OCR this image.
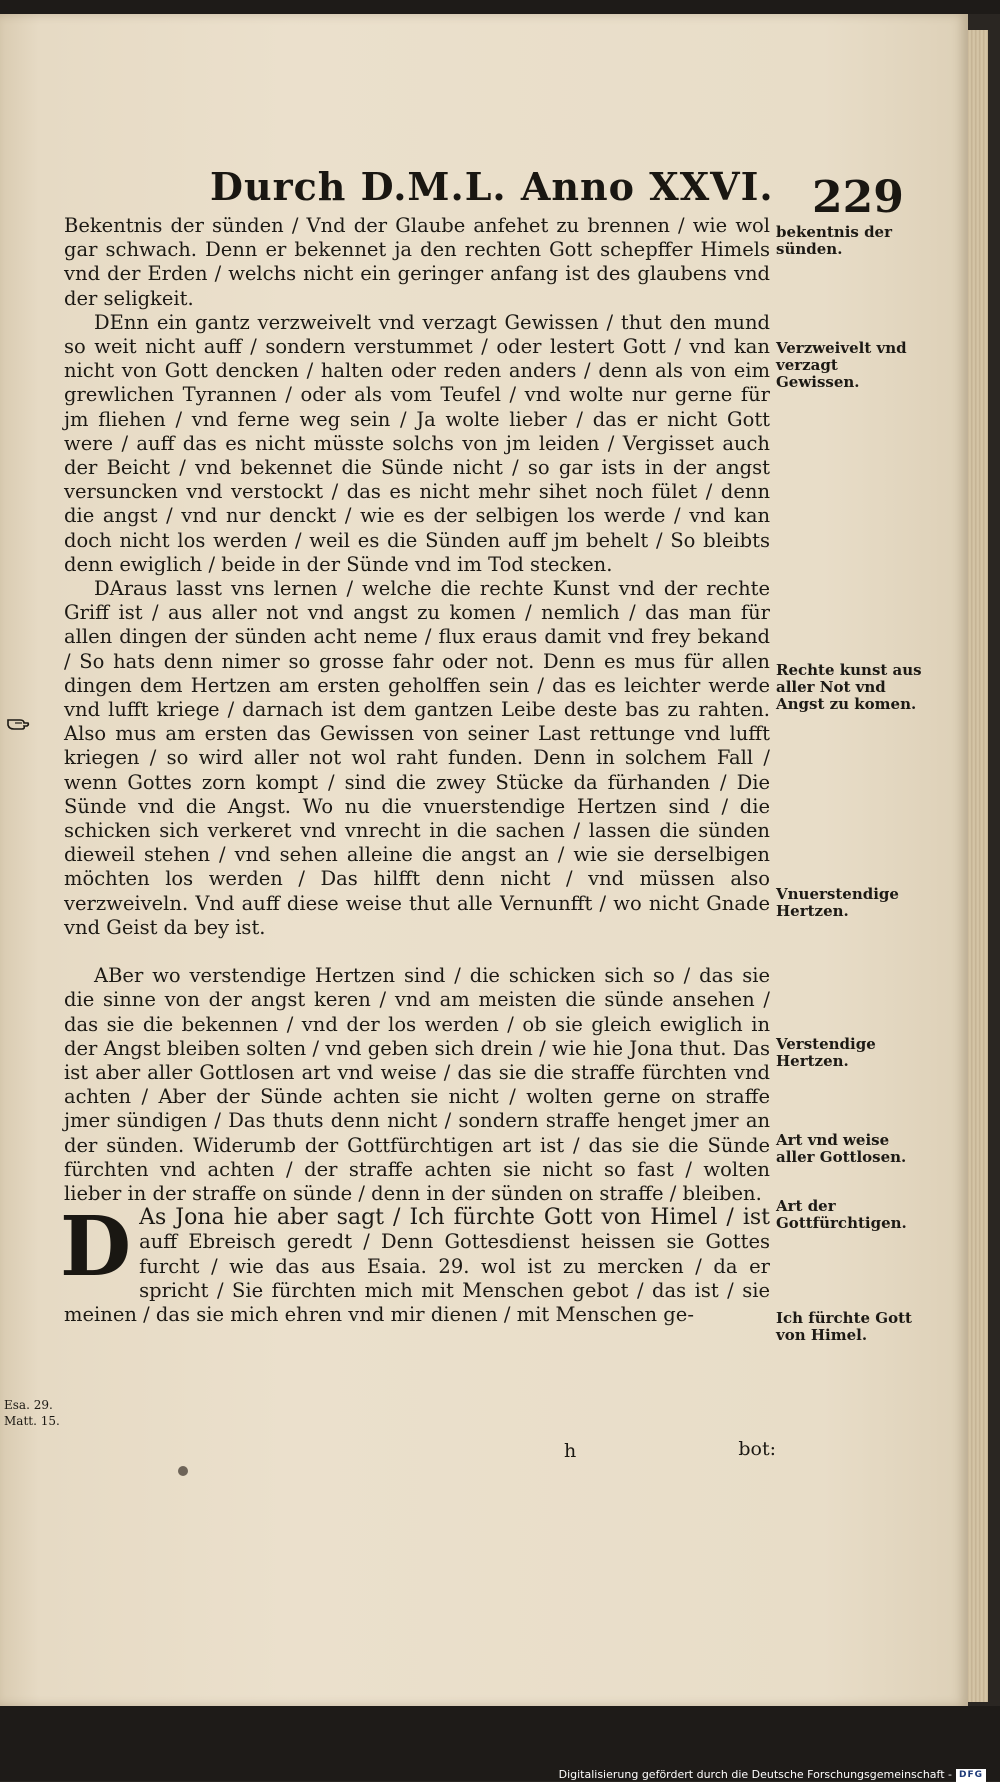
Durch D.M.L. Anno XXVI. 229

Bekentnis der sünden / Vnd der Glaube anfehet zu brennen / wie wol gar schwach. Denn er bekennet ja den rechten Gott schepffer Himels vnd der Erden / welchs nicht ein geringer anfang ist des glaubens vnd der seligkeit.

DEnn ein gantz verzweivelt vnd verzagt Gewissen / thut den mund so weit nicht auff / sondern verstummet / oder lestert Gott / vnd kan nicht von Gott dencken / halten oder reden anders / denn als von eim grewlichen Tyrannen / oder als vom Teufel / vnd wolte nur gerne für jm fliehen / vnd ferne weg sein / Ja wolte lieber / das er nicht Gott were / auff das es nicht müsste solchs von jm leiden / Vergisset auch der Beicht / vnd bekennet die Sünde nicht / so gar ists in der angst versuncken vnd verstockt / das es nicht mehr sihet noch fület / denn die angst / vnd nur denckt / wie es der selbigen los werde / vnd kan doch nicht los werden / weil es die Sünden auff jm behelt / So bleibts denn ewiglich / beide in der Sünde vnd im Tod stecken.

DAraus lasst vns lernen / welche die rechte Kunst vnd der rechte Griff ist / aus aller not vnd angst zu komen / nemlich / das man für allen dingen der sünden acht neme / flux eraus damit vnd frey bekand / So hats denn nimer so grosse fahr oder not. Denn es mus für allen dingen dem Hertzen am ersten geholffen sein / das es leichter werde vnd lufft kriege / darnach ist dem gantzen Leibe deste bas zu rahten. Also mus am ersten das Gewissen von seiner Last rettunge vnd lufft kriegen / so wird aller not wol raht funden. Denn in solchem Fall / wenn Gottes zorn kompt / sind die zwey Stücke da fürhanden / Die Sünde vnd die Angst. Wo nu die vnuerstendige Hertzen sind / die schicken sich verkeret vnd vnrecht in die sachen / lassen die sünden dieweil stehen / vnd sehen alleine die angst an / wie sie derselbigen möchten los werden / Das hilfft denn nicht / vnd müssen also verzweiveln. Vnd auff diese weise thut alle Vernunfft / wo nicht Gnade vnd Geist da bey ist.

ABer wo verstendige Hertzen sind / die schicken sich so / das sie die sinne von der angst keren / vnd am meisten die sünde ansehen / das sie die bekennen / vnd der los werden / ob sie gleich ewiglich in der Angst bleiben solten / vnd geben sich drein / wie hie Jona thut. Das ist aber aller Gottlosen art vnd weise / das sie die straffe fürchten vnd achten / Aber der Sünde achten sie nicht / wolten gerne on straffe jmer sündigen / Das thuts denn nicht / sondern straffe henget jmer an der sünden. Widerumb der Gottfürchtigen art ist / das sie die Sünde fürchten vnd achten / der straffe achten sie nicht so fast / wolten lieber in der straffe on sünde / denn in der sünden on straffe / bleiben.

D As Jona hie aber sagt / Ich fürchte Gott von Himel / ist auff Ebreisch geredt / Denn Gottesdienst heissen sie Gottes furcht / wie das aus Esaia. 29. wol ist zu mercken / da er spricht / Sie fürchten mich mit Menschen gebot / das ist / sie meinen / das sie mich ehren vnd mir dienen / mit Menschen ge-

h	bot:
bekentnis der sünden.
Verzweivelt vnd verzagt Gewissen.
Rechte kunst aus aller Not vnd Angst zu komen.
Vnuerstendige Hertzen.
Verstendige Hertzen.
Art vnd weise aller Gottlosen.
Art der Gottfürchtigen.
Ich fürchte Gott von Himel.
Esa. 29.
Matt. 15.
Digitalisierung gefördert durch die Deutsche Forschungsgemeinschaft - DFG
